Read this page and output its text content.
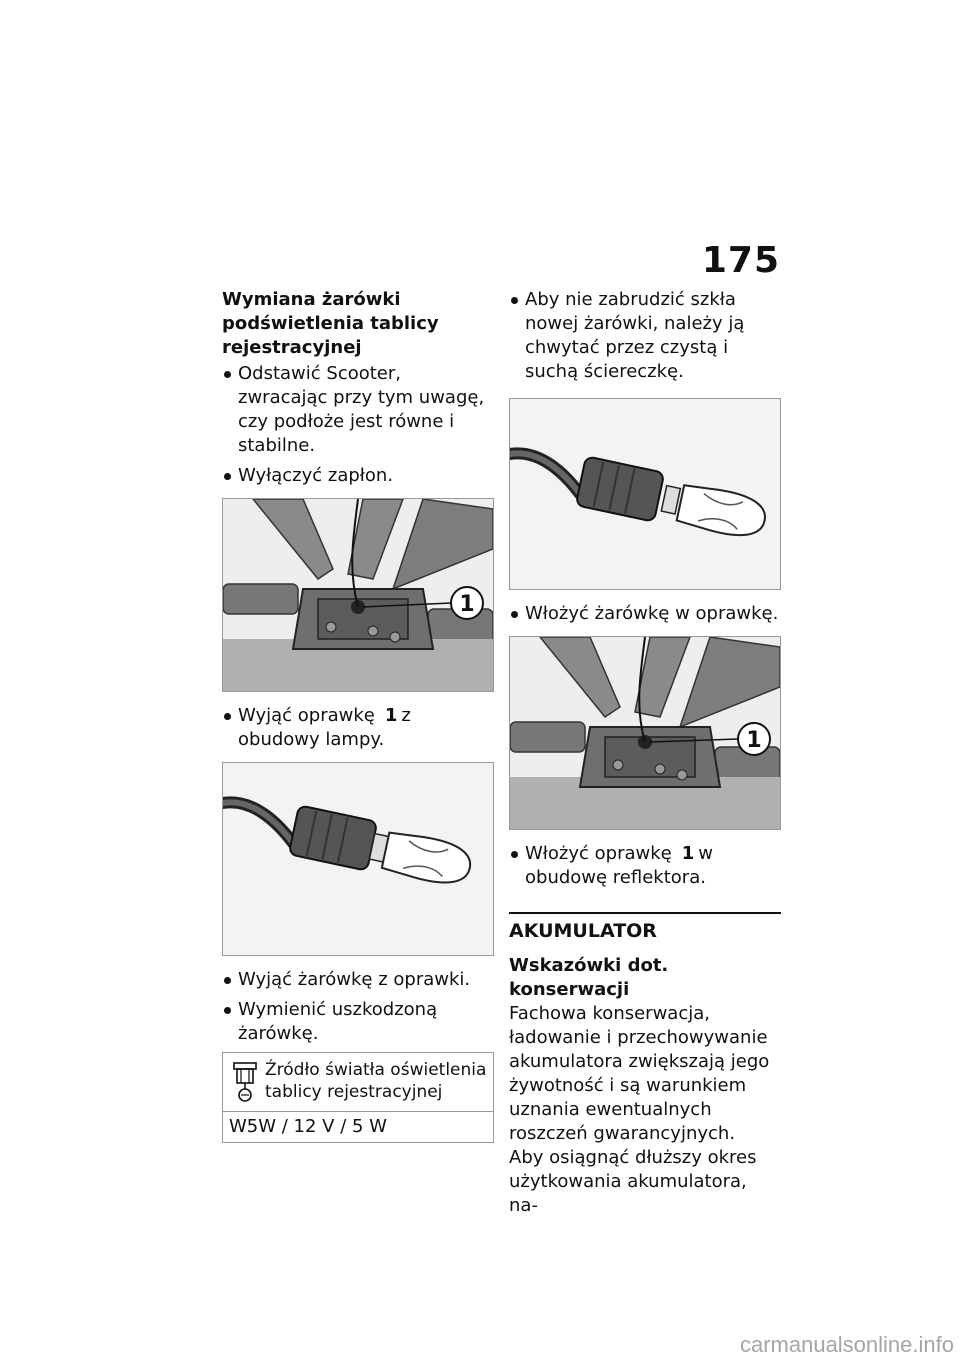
175
Wymiana żarówki podświetlenia tablicy rejestracyjnej
Odstawić Scooter, zwracając przy tym uwagę, czy podłoże jest równe i stabilne.
Wyłączyć zapłon.
1
Wyjąć oprawkę 1 z obudowy lampy.
Wyjąć żarówkę z oprawki.
Wymienić uszkodzoną żarówkę.
Źródło światła oświetlenia tablicy rejestracyjnej
W5W / 12 V / 5 W
Aby nie zabrudzić szkła nowej żarówki, należy ją chwytać przez czystą i suchą ściereczkę.
Włożyć żarówkę w oprawkę.
1
Włożyć oprawkę 1 w obudowę reflektora.
AKUMULATOR
Wskazówki dot. konserwacji

Fachowa konserwacja, ładowanie i przechowywanie akumulatora zwiększają jego żywotność i są warunkiem uznania ewentualnych roszczeń gwarancyjnych.

Aby osiągnąć dłuższy okres użytkowania akumulatora, na-

carmanualsonline.info
